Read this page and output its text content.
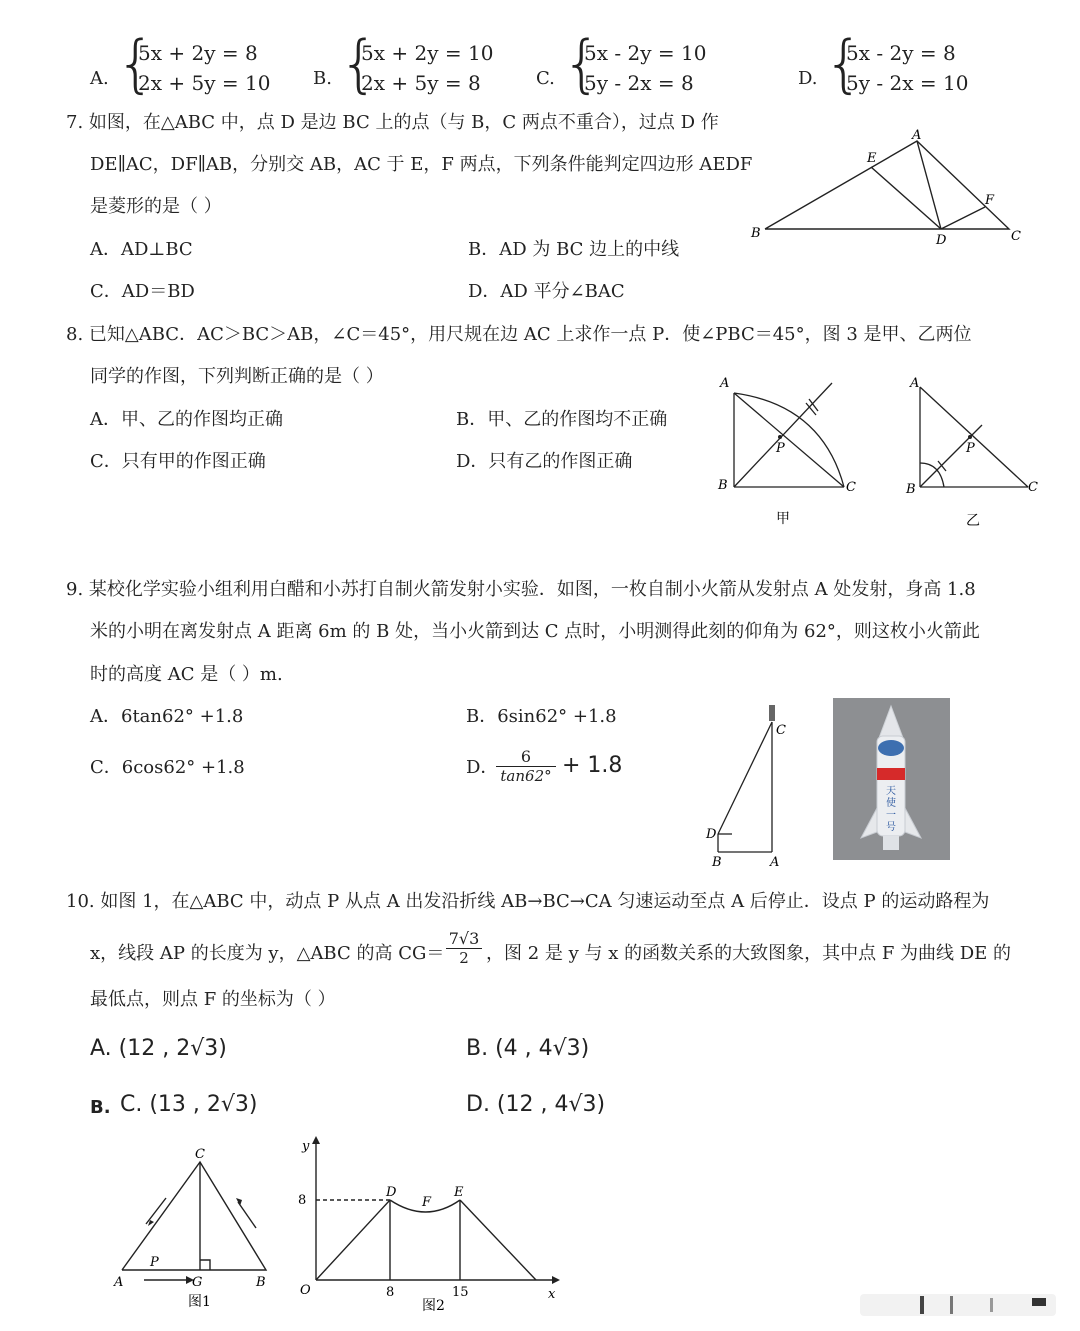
A. {
5x + 2y = 8
2x + 5y = 10 B. {
5x + 2y = 10
2x + 5y = 8	C. {
5x - 2y = 10
5y - 2x = 8	D. {
5x - 2y = 8
5y - 2x = 10
7. 如图，在△ABC 中，点 D 是边 BC 上的点（与 B，C 两点不重合），过点 D 作
DE∥AC，DF∥AB，分别交 AB，AC 于 E，F 两点，下列条件能判定四边形 AEDF
是菱形的是（ ）
A．AD⊥BC	B．AD 为 BC 边上的中线
C．AD＝BD	D．AD 平分∠BAC
A
B	C
D
E
F
8. 已知△ABC．AC＞BC＞AB，∠C＝45°，用尺规在边 AC 上求作一点 P．使∠PBC＝45°，图 3 是甲、乙两位
同学的作图，下列判断正确的是（ ）
A．甲、乙的作图均正确	B．甲、乙的作图均不正确
C．只有甲的作图正确	D．只有乙的作图正确
A
B	C
P
甲
A
B	C
P
乙
9. 某校化学实验小组利用白醋和小苏打自制火箭发射小实验．如图，一枚自制小火箭从发射点 A 处发射，身高 1.8
米的小明在离发射点 A 距离 6m 的 B 处，当小火箭到达 C 点时，小明测得此刻的仰角为 62°，则这枚小火箭此
时的高度 AC 是（ ）m.
A．6tan62° +1.8	B．6sin62° +1.8
C．6cos62° +1.8	D．
$\frac{6}{\tan 62^\circ} + 1.8$
C
D
B	A
天
使
一
号
10. 如图 1，在△ABC 中，动点 P 从点 A 出发沿折线 AB→BC→CA 匀速运动至点 A 后停止．设点 P 的运动路程为
x，线段 AP 的长度为 y，△ABC 的高 $CG= \frac{7√3}{2}$ ，图 2 是 y 与 x 的函数关系的大致图象，其中点 F 为曲线 DE 的
最低点，则点 F 的坐标为（ ）
A. (12 , 2√3)	B. (4 , 4√3)
B. C. (13 , 2√3)	D. (12 , 4√3)
C
A	B
G
P
图1
y
x
O
8
8	15
D
F
E
图2
